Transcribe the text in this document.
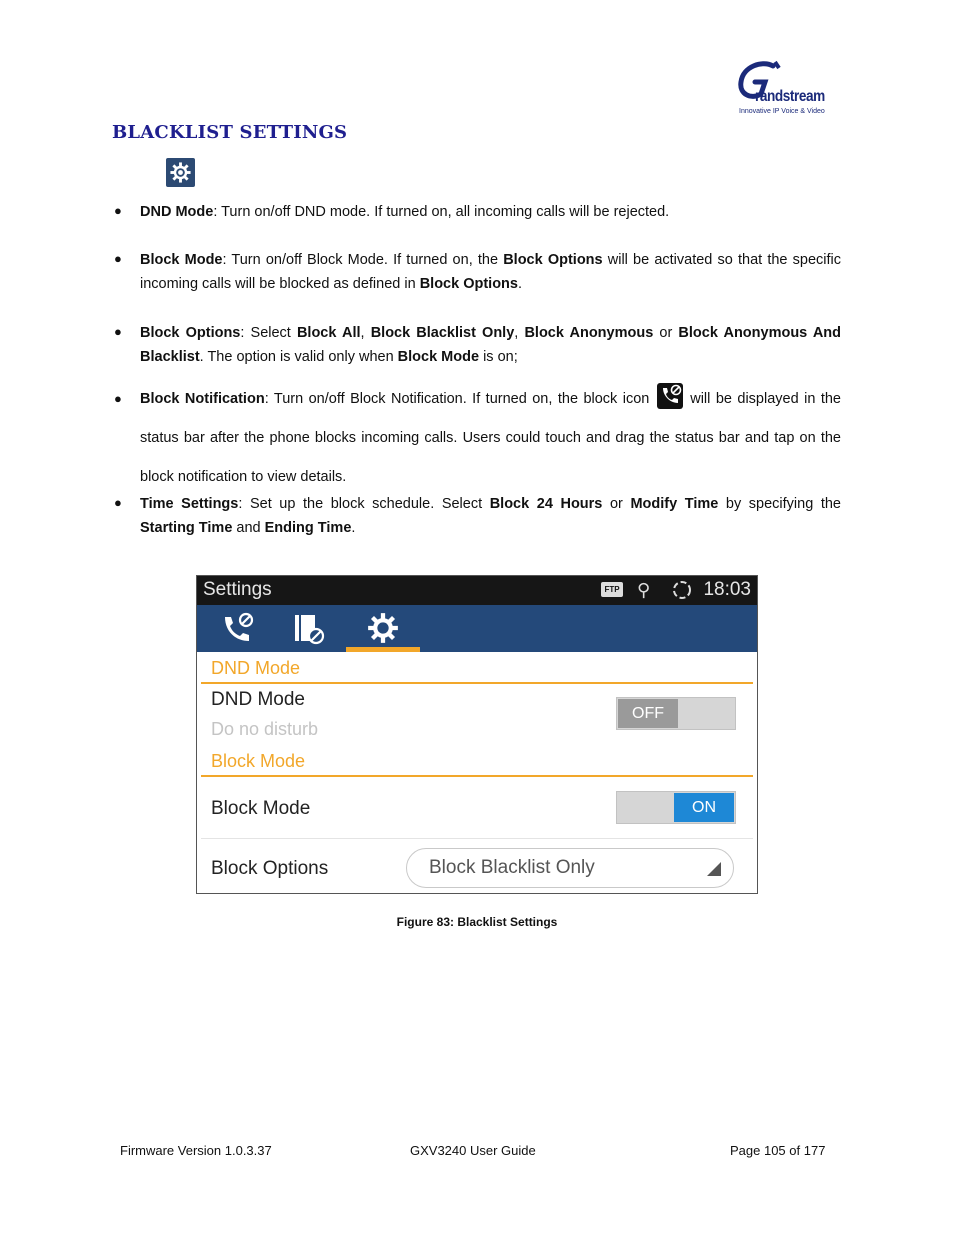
randstream
Innovative IP Voice & Video
BLACKLIST SETTINGS
● DND Mode: Turn on/off DND mode. If turned on, all incoming calls will be rejected.
● Block Mode: Turn on/off Block Mode. If turned on, the Block Options will be activated so that the specific incoming calls will be blocked as defined in Block Options.
● Block Options: Select Block All, Block Blacklist Only, Block Anonymous or Block Anonymous And Blacklist. The option is valid only when Block Mode is on;
● Block Notification: Turn on/off Block Notification. If turned on, the block icon
will be displayed in the status bar after the phone blocks incoming calls. Users could touch and drag the status bar and tap on the block notification to view details.
● Time Settings: Set up the block schedule. Select Block 24 Hours or Modify Time by specifying the Starting Time and Ending Time.
Settings	FTP ⚲	18:03
DND Mode
DND Mode
Do no disturb
OFF
Block Mode
Block Mode	ON
Block Options	Block Blacklist Only
Figure 83: Blacklist Settings
Firmware Version 1.0.3.37	GXV3240 User Guide	Page 105 of 177
